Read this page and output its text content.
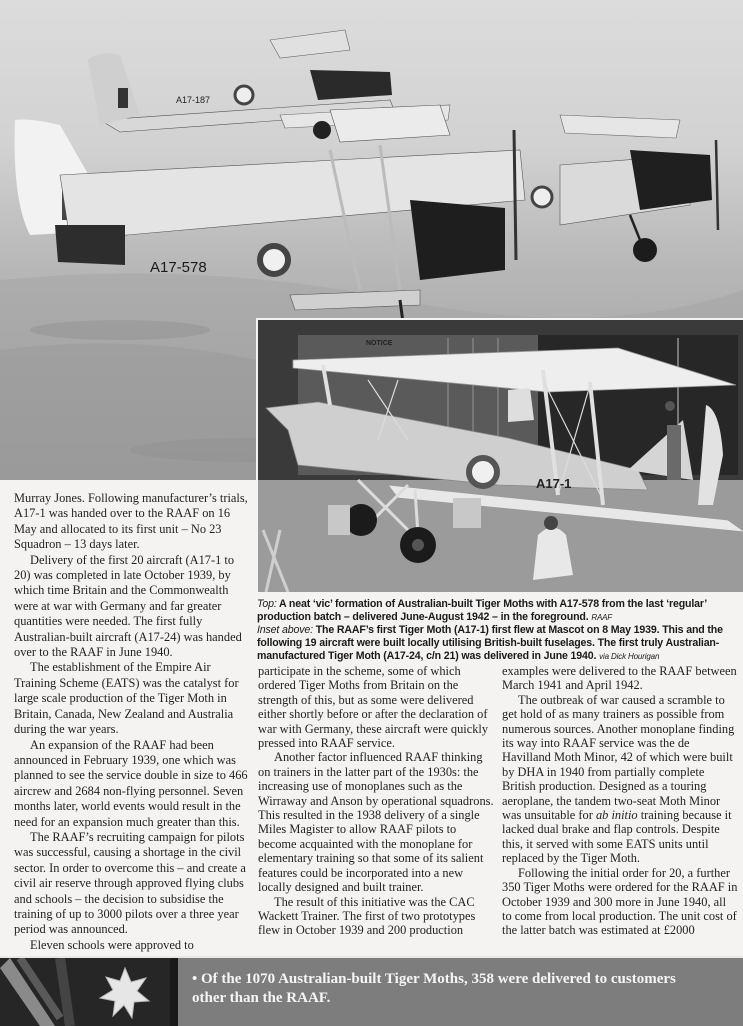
A17-187
A17-578
NOTICE
A17-1

Top: A neat ‘vic’ formation of Australian-built Tiger Moths with A17-578 from the last ‘regular’ production batch – delivered June-August 1942 – in the foreground. RAAF

Inset above: The RAAF’s first Tiger Moth (A17-1) first flew at Mascot on 8 May 1939. This and the following 19 aircraft were built locally utilising British-built fuselages. The first truly Australian-manufactured Tiger Moth (A17-24, c/n 21) was delivered in June 1940. via Dick Hourigan

Murray Jones. Following manufacturer’s trials, A17-1 was handed over to the RAAF on 16 May and allocated to its first unit – No 23 Squadron – 13 days later.

Delivery of the first 20 aircraft (A17-1 to 20) was completed in late October 1939, by which time Britain and the Commonwealth were at war with Germany and far greater quantities were needed. The first fully Australian-built aircraft (A17-24) was handed over to the RAAF in June 1940.

The establishment of the Empire Air Training Scheme (EATS) was the catalyst for large scale production of the Tiger Moth in Britain, Canada, New Zealand and Australia during the war years.

An expansion of the RAAF had been announced in February 1939, one which was planned to see the service double in size to 466 aircrew and 2684 non-flying personnel. Seven months later, world events would result in the need for an expansion much greater than this.

The RAAF’s recruiting campaign for pilots was successful, causing a shortage in the civil sector. In order to overcome this – and create a civil air reserve through approved flying clubs and schools – the decision to subsidise the training of up to 3000 pilots over a three year period was announced.

Eleven schools were approved to

participate in the scheme, some of which ordered Tiger Moths from Britain on the strength of this, but as some were delivered either shortly before or after the declaration of war with Germany, these aircraft were quickly pressed into RAAF service.

Another factor influenced RAAF thinking on trainers in the latter part of the 1930s: the increasing use of monoplanes such as the Wirraway and Anson by operational squadrons. This resulted in the 1938 delivery of a single Miles Magister to allow RAAF pilots to become acquainted with the monoplane for elementary training so that some of its salient features could be incorporated into a new locally designed and built trainer.

The result of this initiative was the CAC Wackett Trainer. The first of two prototypes flew in October 1939 and 200 production

examples were delivered to the RAAF between March 1941 and April 1942.

The outbreak of war caused a scramble to get hold of as many trainers as possible from numerous sources. Another monoplane finding its way into RAAF service was the de Havilland Moth Minor, 42 of which were built by DHA in 1940 from partially complete British production. Designed as a touring aeroplane, the tandem two-seat Moth Minor was unsuitable for ab initio training because it lacked dual brake and flap controls. Despite this, it served with some EATS units until replaced by the Tiger Moth.

Following the initial order for 20, a further 350 Tiger Moths were ordered for the RAAF in October 1939 and 300 more in June 1940, all to come from local production. The unit cost of the latter batch was estimated at £2000

• Of the 1070 Australian-built Tiger Moths, 358 were delivered to customers other than the RAAF.
